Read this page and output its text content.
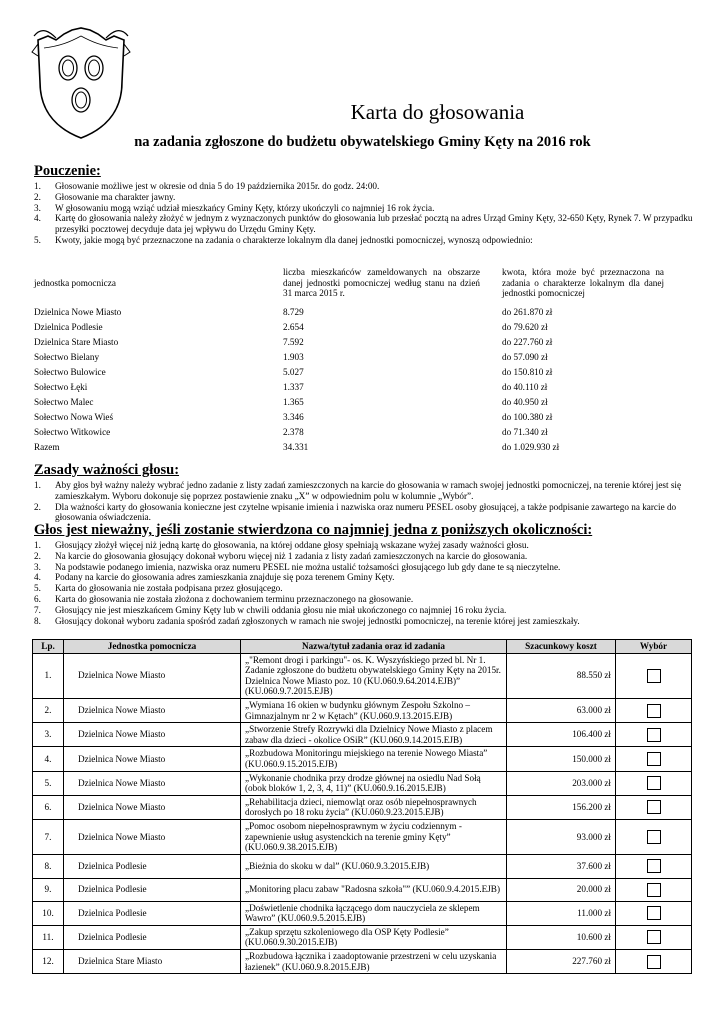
Karta do głosowania
na zadania zgłoszone do budżetu obywatelskiego Gminy Kęty na 2016 rok
Pouczenie:
1. Głosowanie możliwe jest w okresie od dnia 5 do 19 października 2015r. do godz. 24:00.
2. Głosowanie ma charakter jawny.
3. W głosowaniu mogą wziąć udział mieszkańcy Gminy Kęty, którzy ukończyli co najmniej 16 rok życia.
4. Kartę do głosowania należy złożyć w jednym z wyznaczonych punktów do głosowania lub przesłać pocztą na adres Urząd Gminy Kęty, 32-650 Kęty, Rynek 7. W przypadku przesyłki pocztowej decyduje data jej wpływu do Urzędu Gminy Kęty.
5. Kwoty, jakie mogą być przeznaczone na zadania o charakterze lokalnym dla danej jednostki pomocniczej, wynoszą odpowiednio:
jednostka pomocnicza	liczba mieszkańców zameldowanych na obszarze danej jednostki pomocniczej według stanu na dzień 31 marca 2015 r.	kwota, która może być przeznaczona na zadania o charakterze lokalnym dla danej jednostki pomocniczej
Dzielnica Nowe Miasto	8.729	do 261.870 zł
Dzielnica Podlesie	2.654	do 79.620 zł
Dzielnica Stare Miasto	7.592	do 227.760 zł
Sołectwo Bielany	1.903	do 57.090 zł
Sołectwo Bulowice	5.027	do 150.810 zł
Sołectwo Łęki	1.337	do 40.110 zł
Sołectwo Malec	1.365	do 40.950 zł
Sołectwo Nowa Wieś	3.346	do 100.380 zł
Sołectwo Witkowice	2.378	do 71.340 zł
Razem	34.331	do 1.029.930 zł
Zasady ważności głosu:
1. Aby głos był ważny należy wybrać jedno zadanie z listy zadań zamieszczonych na karcie do głosowania w ramach swojej jednostki pomocniczej, na terenie której jest się zamieszkałym. Wyboru dokonuje się poprzez postawienie znaku „X” w odpowiednim polu w kolumnie „Wybór”.
2. Dla ważności karty do głosowania konieczne jest czytelne wpisanie imienia i nazwiska oraz numeru PESEL osoby głosującej, a także podpisanie zawartego na karcie do głosowania oświadczenia.
Głos jest nieważny, jeśli zostanie stwierdzona co najmniej jedna z poniższych okoliczności:
1. Głosujący złożył więcej niż jedną kartę do głosowania, na której oddane głosy spełniają wskazane wyżej zasady ważności głosu.
2. Na karcie do głosowania głosujący dokonał wyboru więcej niż 1 zadania z listy zadań zamieszczonych na karcie do głosowania.
3. Na podstawie podanego imienia, nazwiska oraz numeru PESEL nie można ustalić tożsamości głosującego lub gdy dane te są nieczytelne.
4. Podany na karcie do głosowania adres zamieszkania znajduje się poza terenem Gminy Kęty.
5. Karta do głosowania nie została podpisana przez głosującego.
6. Karta do głosowania nie została złożona z dochowaniem terminu przeznaczonego na głosowanie.
7. Głosujący nie jest mieszkańcem Gminy Kęty lub w chwili oddania głosu nie miał ukończonego co najmniej 16 roku życia.
8. Głosujący dokonał wyboru zadania spośród zadań zgłoszonych w ramach nie swojej jednostki pomocniczej, na terenie której jest zamieszkały.
Lp.	Jednostka pomocnicza	Nazwa/tytuł zadania oraz id zadania	Szacunkowy koszt	Wybór
1.	Dzielnica Nowe Miasto	„"Remont drogi i parkingu"- os. K. Wyszyńskiego przed bl. Nr 1. Zadanie zgłoszone do budżetu obywatelskiego Gminy Kęty na 2015r. Dzielnica Nowe Miasto poz. 10 (KU.060.9.64.2014.EJB)” (KU.060.9.7.2015.EJB)	88.550 zł	
2.	Dzielnica Nowe Miasto	„Wymiana 16 okien w budynku głównym Zespołu Szkolno – Gimnazjalnym nr 2 w Kętach” (KU.060.9.13.2015.EJB)	63.000 zł	
3.	Dzielnica Nowe Miasto	„Stworzenie Strefy Rozrywki dla Dzielnicy Nowe Miasto z placem zabaw dla dzieci - okolice OSiR” (KU.060.9.14.2015.EJB)	106.400 zł	
4.	Dzielnica Nowe Miasto	„Rozbudowa Monitoringu miejskiego na terenie Nowego Miasta” (KU.060.9.15.2015.EJB)	150.000 zł	
5.	Dzielnica Nowe Miasto	„Wykonanie chodnika przy drodze głównej na osiedlu Nad Sołą (obok bloków 1, 2, 3, 4, 11)” (KU.060.9.16.2015.EJB)	203.000 zł	
6.	Dzielnica Nowe Miasto	„Rehabilitacja dzieci, niemowląt oraz osób niepełnosprawnych dorosłych po 18 roku życia” (KU.060.9.23.2015.EJB)	156.200 zł	
7.	Dzielnica Nowe Miasto	„Pomoc osobom niepełnosprawnym w życiu codziennym - zapewnienie usług asystenckich na terenie gminy Kęty” (KU.060.9.38.2015.EJB)	93.000 zł	
8.	Dzielnica Podlesie	„Bieżnia do skoku w dal” (KU.060.9.3.2015.EJB)	37.600 zł	
9.	Dzielnica Podlesie	„Monitoring placu zabaw "Radosna szkoła"” (KU.060.9.4.2015.EJB)	20.000 zł	
10.	Dzielnica Podlesie	„Doświetlenie chodnika łączącego dom nauczyciela ze sklepem Wawro” (KU.060.9.5.2015.EJB)	11.000 zł	
11.	Dzielnica Podlesie	„Zakup sprzętu szkoleniowego dla OSP Kęty Podlesie” (KU.060.9.30.2015.EJB)	10.600 zł	
12.	Dzielnica Stare Miasto	„Rozbudowa łącznika i zaadoptowanie przestrzeni w celu uzyskania łazienek” (KU.060.9.8.2015.EJB)	227.760 zł	
